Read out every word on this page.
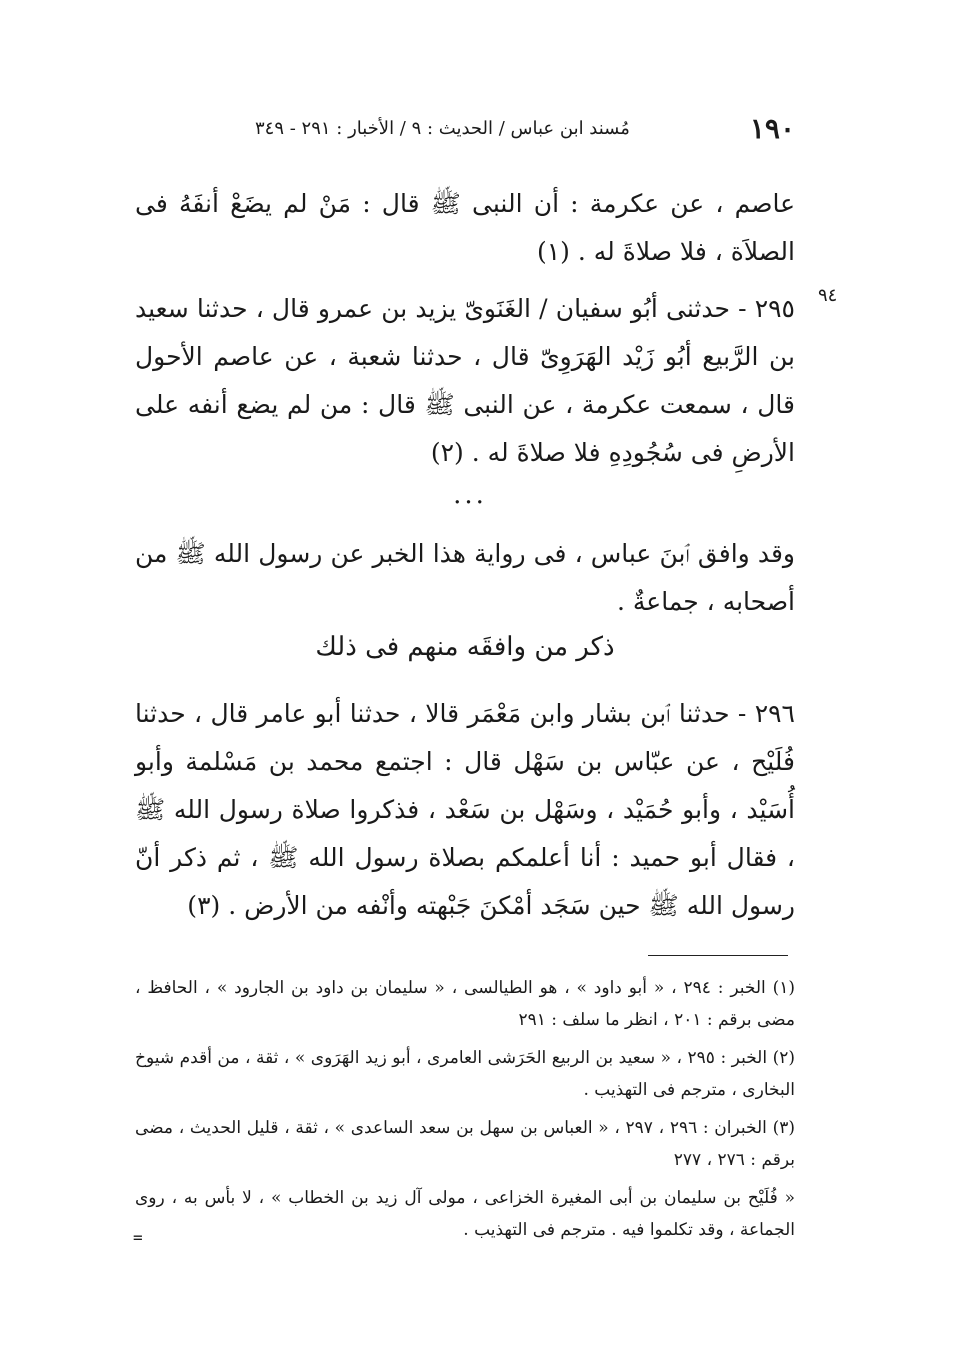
١٩٠
مُسند ابن عباس / الحديث : ٩ / الأخبار : ٢٩١ - ٣٤٩
عاصم ، عن عكرمة : أن النبى ﷺ قال : مَنْ لم يضَعْ أنفَهُ فى الصلاَة ، فلا صلاةَ له . (١)
٩٤
٢٩٥ - حدثنى أبُو سفيان / الغَنَوىّ يزيد بن عمرو قال ، حدثنا سعيد بن الرَّبيع أبُو زَيْد الهَرَوِىّ قال ، حدثنا شعبة ، عن عاصم الأحول قال ، سمعت عكرمة ، عن النبى ﷺ قال : من لم يضع أنفه على الأرضِ فى سُجُودِهِ فلا صلاةَ له . (٢)
...
وقد وافق ٱبنَ عباس ، فى رواية هذا الخبر عن رسول الله ﷺ من أصحابه ، جماعةٌ .
ذكر من وافقَه منهم فى ذلك
٢٩٦ - حدثنا ٱبن بشار وابن مَعْمَر قالا ، حدثنا أبو عامر قال ، حدثنا فُلَيْح ، عن عبّاس بن سَهْل قال : اجتمع محمد بن مَسْلمة وأبو أُسَيْد ، وأبو حُمَيْد ، وسَهْل بن سَعْد ، فذكروا صلاة رسول الله ﷺ ، فقال أبو حميد : أنا أعلمكم بصلاة رسول الله ﷺ ، ثم ذكر أنّ رسول الله ﷺ حين سَجَد أمْكنَ جَبْهته وأنْفه من الأرض . (٣)

(١) الخبر : ٢٩٤ ، « أبو داود » ، هو الطيالسى ، « سليمان بن داود بن الجارود » ، الحافظ ، مضى برقم : ٢٠١ ، انظر ما سلف : ٢٩١

(٢) الخبر : ٢٩٥ ، « سعيد بن الربيع الحَرَشى العامرى ، أبو زيد الهَرَوى » ، ثقة ، من أقدم شيوخ البخارى ، مترجم فى التهذيب .

(٣) الخبران : ٢٩٦ ، ٢٩٧ ، « العباس بن سهل بن سعد الساعدى » ، ثقة ، قليل الحديث ، مضى برقم : ٢٧٦ ، ٢٧٧

« فُلَيْح بن سليمان بن أبى المغيرة الخزاعى ، مولى آل زيد بن الخطاب » ، لا بأس به ، روى الجماعة ، وقد تكلموا فيه . مترجم فى التهذيب .

=
